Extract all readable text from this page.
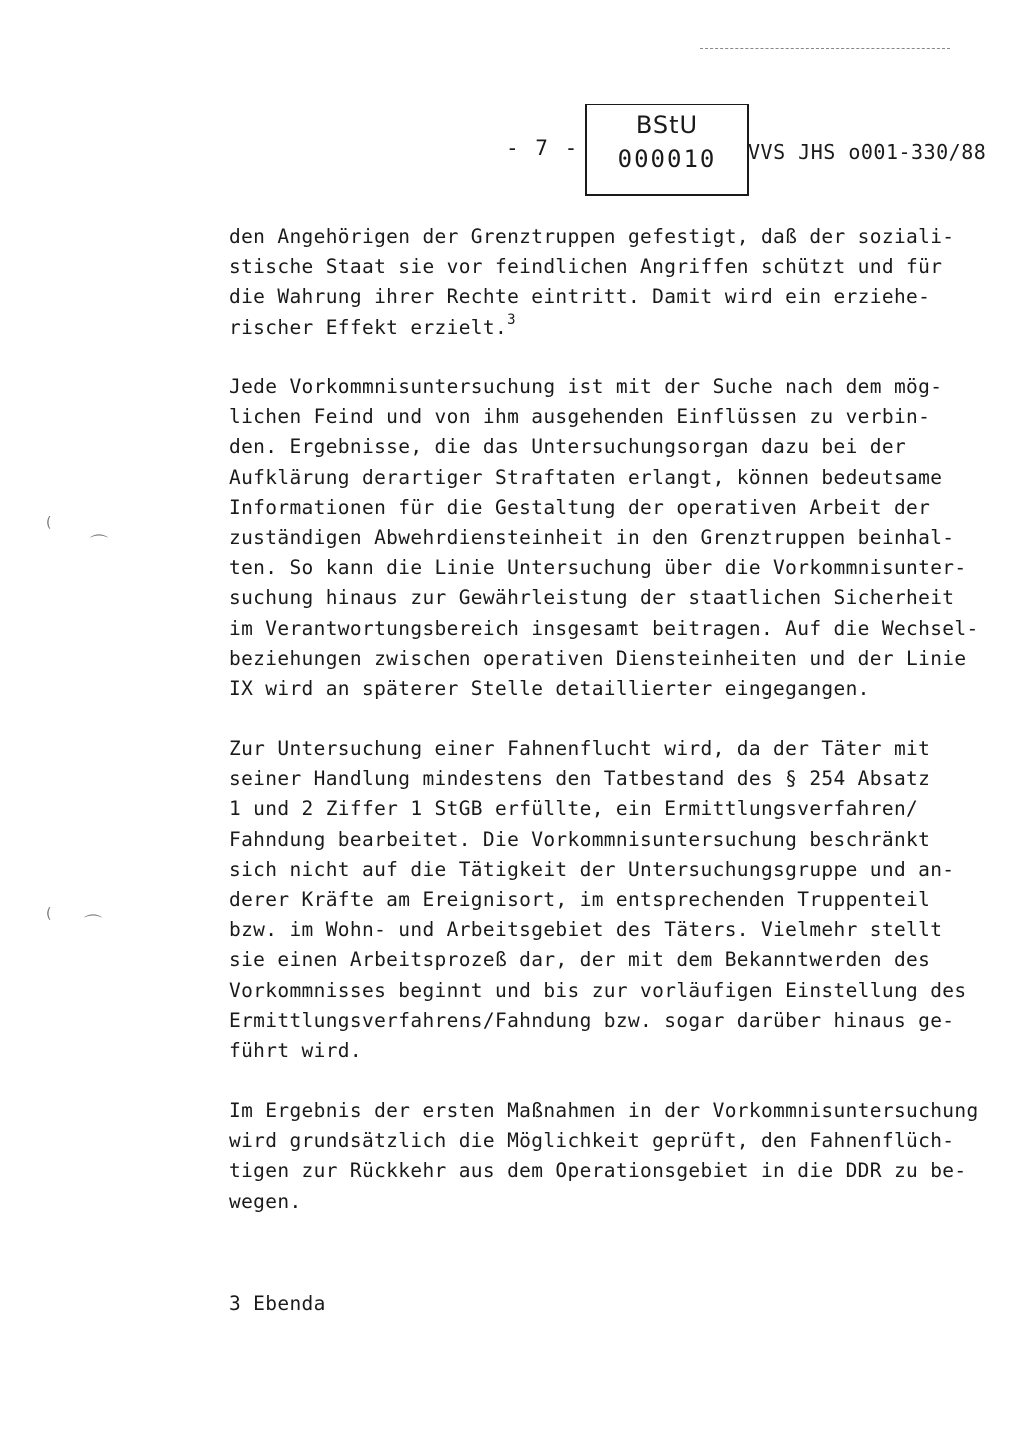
- 7 -
BStU
000010	VVS JHS o001-330/88
den Angehörigen der Grenztruppen gefestigt, daß der soziali-
stische Staat sie vor feindlichen Angriffen schützt und für
die Wahrung ihrer Rechte eintritt. Damit wird ein erziehe-
rischer Effekt erzielt.$^3$
Jede Vorkommnisuntersuchung ist mit der Suche nach dem mög-
lichen Feind und von ihm ausgehenden Einflüssen zu verbin-
den. Ergebnisse, die das Untersuchungsorgan dazu bei der
Aufklärung derartiger Straftaten erlangt, können bedeutsame
Informationen für die Gestaltung der operativen Arbeit der
zuständigen Abwehrdiensteinheit in den Grenztruppen beinhal-
ten. So kann die Linie Untersuchung über die Vorkommnisunter-
suchung hinaus zur Gewährleistung der staatlichen Sicherheit
im Verantwortungsbereich insgesamt beitragen. Auf die Wechsel-
beziehungen zwischen operativen Diensteinheiten und der Linie
IX wird an späterer Stelle detaillierter eingegangen.
Zur Untersuchung einer Fahnenflucht wird, da der Täter mit
seiner Handlung mindestens den Tatbestand des § 254 Absatz
1 und 2 Ziffer 1 StGB erfüllte, ein Ermittlungsverfahren/
Fahndung bearbeitet. Die Vorkommnisuntersuchung beschränkt
sich nicht auf die Tätigkeit der Untersuchungsgruppe und an-
derer Kräfte am Ereignisort, im entsprechenden Truppenteil
bzw. im Wohn- und Arbeitsgebiet des Täters. Vielmehr stellt
sie einen Arbeitsprozeß dar, der mit dem Bekanntwerden des
Vorkommnisses beginnt und bis zur vorläufigen Einstellung des
Ermittlungsverfahrens/Fahndung bzw. sogar darüber hinaus ge-
führt wird.
Im Ergebnis der ersten Maßnahmen in der Vorkommnisuntersuchung
wird grundsätzlich die Möglichkeit geprüft, den Fahnenflüch-
tigen zur Rückkehr aus dem Operationsgebiet in die DDR zu be-
wegen.
3 Ebenda
⌒
⌒
(
(
